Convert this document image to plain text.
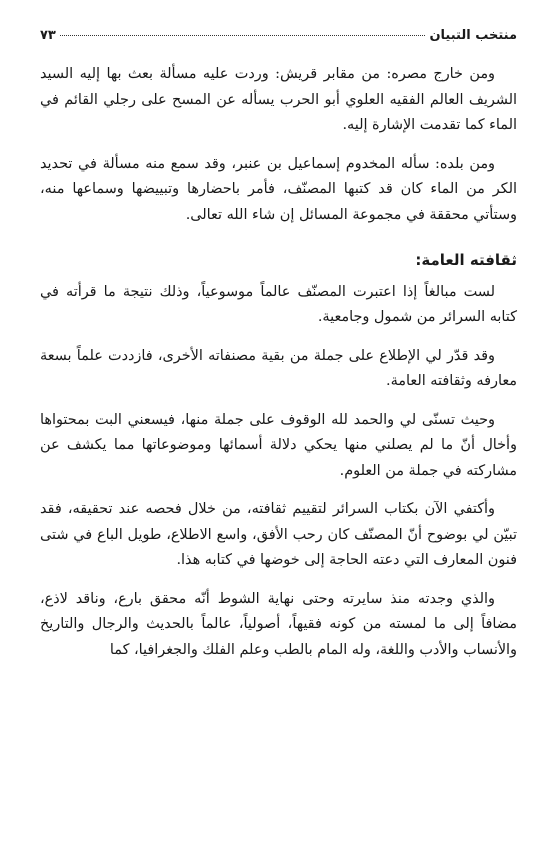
منتخب التبيان
٧٣

ومن خارج مصره: من مقابر قريش: وردت عليه مسألة بعث بها إليه السيد الشريف العالم الفقيه العلوي أبو الحرب يسأله عن المسح على رجلي القائم في الماء كما تقدمت الإشارة إليه.

ومن بلده: سأله المخدوم إسماعيل بن عنبر، وقد سمع منه مسألة في تحديد الكر من الماء كان قد كتبها المصنّف، فأمر باحضارها وتبييضها وسماعها منه، وستأتي محققة في مجموعة المسائل إن شاء الله تعالى.

ثقافته العامة:

لست مبالغاً إذا اعتبرت المصنّف عالماً موسوعياً، وذلك نتيجة ما قرأته في كتابه السرائر من شمول وجامعية.

وقد قدّر لي الإطلاع على جملة من بقية مصنفاته الأخرى، فازددت علماً بسعة معارفه وثقافته العامة.

وحيث تسنّى لي والحمد لله الوقوف على جملة منها، فيسعني البت بمحتواها وأخال أنّ ما لم يصلني منها يحكي دلالة أسمائها وموضوعاتها مما يكشف عن مشاركته في جملة من العلوم.

وأكتفي الآن بكتاب السرائر لتقييم ثقافته، من خلال فحصه عند تحقيقه، فقد تبيّن لي بوضوح أنّ المصنّف كان رحب الأفق، واسع الاطلاع، طويل الباع في شتى فنون المعارف التي دعته الحاجة إلى خوضها في كتابه هذا.

والذي وجدته منذ سايرته وحتى نهاية الشوط أنّه محقق بارع، وناقد لاذع، مضافاً إلى ما لمسته من كونه فقيهاً، أصولياً، عالماً بالحديث والرجال والتاريخ والأنساب والأدب واللغة، وله المام بالطب وعلم الفلك والجغرافيا، كما
